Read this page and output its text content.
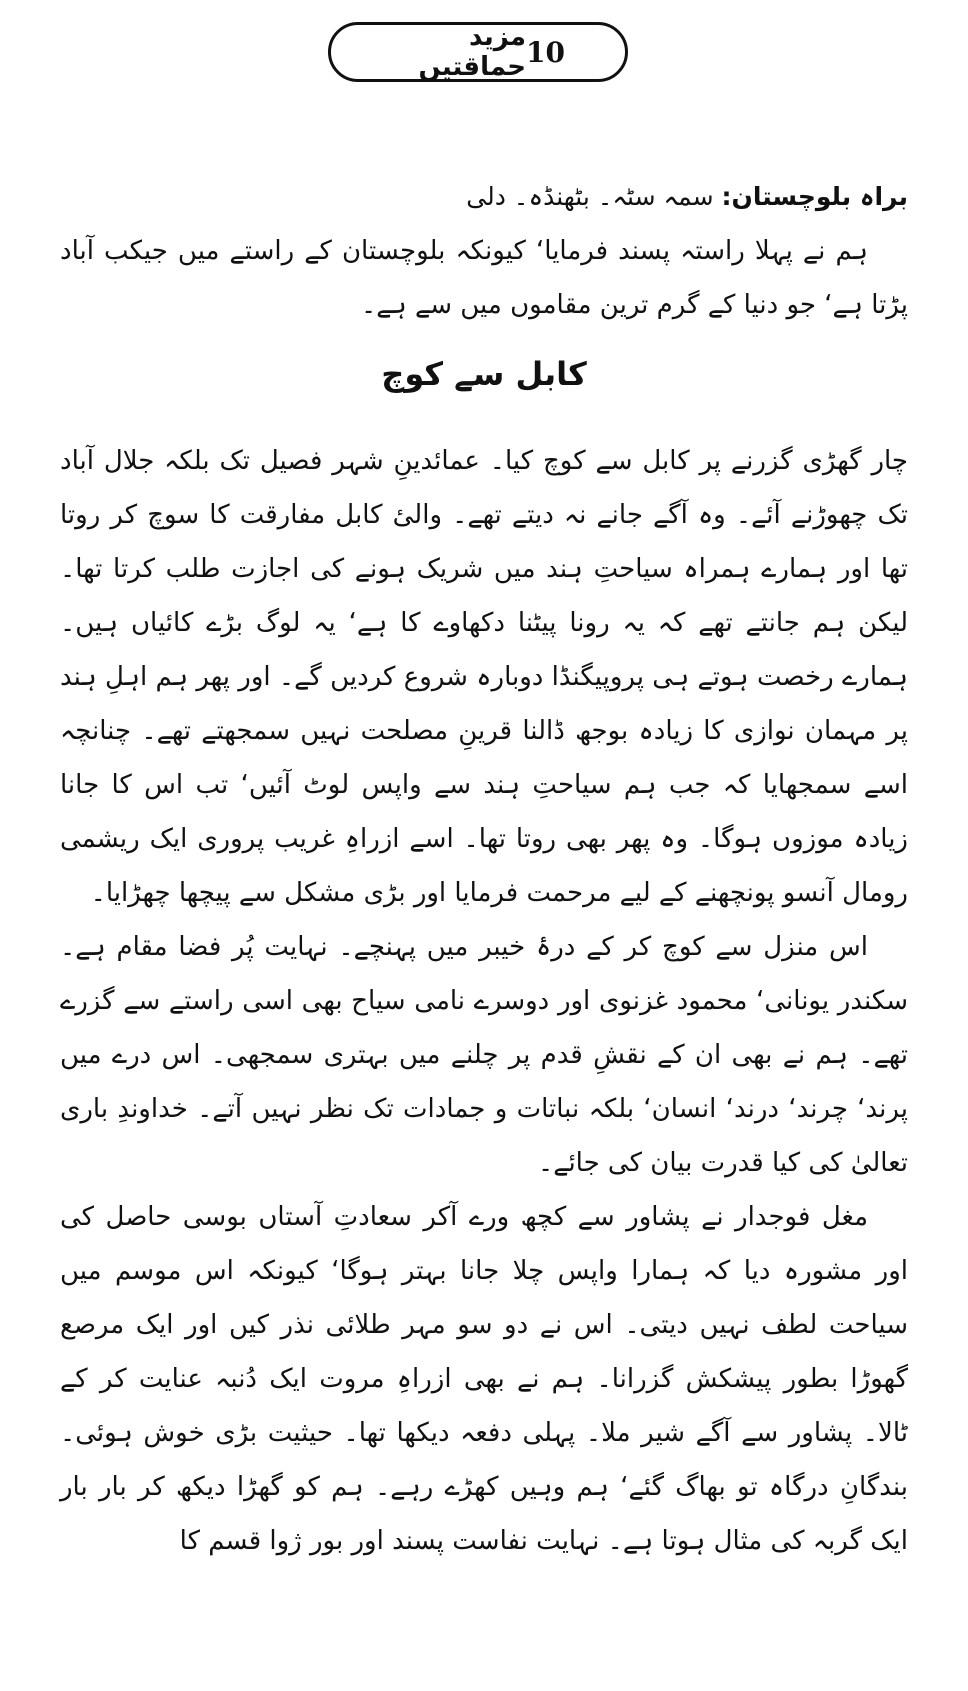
مزید حماقتیں 10
براہ بلوچستان: سمہ سٹہ۔ بٹھنڈہ۔ دلی

ہم نے پہلا راستہ پسند فرمایا‘ کیونکہ بلوچستان کے راستے میں جیکب آباد پڑتا ہے‘ جو دنیا کے گرم ترین مقاموں میں سے ہے۔

کابل سے کوچ

چار گھڑی گزرنے پر کابل سے کوچ کیا۔ عمائدینِ شہر فصیل تک بلکہ جلال آباد تک چھوڑنے آئے۔ وہ آگے جانے نہ دیتے تھے۔ والیٔ کابل مفارقت کا سوچ کر روتا تھا اور ہمارے ہمراہ سیاحتِ ہند میں شریک ہونے کی اجازت طلب کرتا تھا۔ لیکن ہم جانتے تھے کہ یہ رونا پیٹنا دکھاوے کا ہے‘ یہ لوگ بڑے کائیاں ہیں۔ ہمارے رخصت ہوتے ہی پروپیگنڈا دوبارہ شروع کردیں گے۔ اور پھر ہم اہلِ ہند پر مہمان نوازی کا زیادہ بوجھ ڈالنا قرینِ مصلحت نہیں سمجھتے تھے۔ چنانچہ اسے سمجھایا کہ جب ہم سیاحتِ ہند سے واپس لوٹ آئیں‘ تب اس کا جانا زیادہ موزوں ہوگا۔ وہ پھر بھی روتا تھا۔ اسے ازراہِ غریب پروری ایک ریشمی رومال آنسو پونچھنے کے لیے مرحمت فرمایا اور بڑی مشکل سے پیچھا چھڑایا۔

اس منزل سے کوچ کر کے درۂ خیبر میں پہنچے۔ نہایت پُر فضا مقام ہے۔ سکندر یونانی‘ محمود غزنوی اور دوسرے نامی سیاح بھی اسی راستے سے گزرے تھے۔ ہم نے بھی ان کے نقشِ قدم پر چلنے میں بہتری سمجھی۔ اس درے میں پرند‘ چرند‘ درند‘ انسان‘ بلکہ نباتات و جمادات تک نظر نہیں آتے۔ خداوندِ باری تعالیٰ کی کیا قدرت بیان کی جائے۔

مغل فوجدار نے پشاور سے کچھ ورے آکر سعادتِ آستاں بوسی حاصل کی اور مشورہ دیا کہ ہمارا واپس چلا جانا بہتر ہوگا‘ کیونکہ اس موسم میں سیاحت لطف نہیں دیتی۔ اس نے دو سو مہر طلائی نذر کیں اور ایک مرصع گھوڑا بطور پیشکش گزرانا۔ ہم نے بھی ازراہِ مروت ایک دُنبہ عنایت کر کے ٹالا۔ پشاور سے آگے شیر ملا۔ پہلی دفعہ دیکھا تھا۔ حیثیت بڑی خوش ہوئی۔ بندگانِ درگاہ تو بھاگ گئے‘ ہم وہیں کھڑے رہے۔ ہم کو گھڑا دیکھ کر بار بار ایک گربہ کی مثال ہوتا ہے۔ نہایت نفاست پسند اور بور ژوا قسم کا
